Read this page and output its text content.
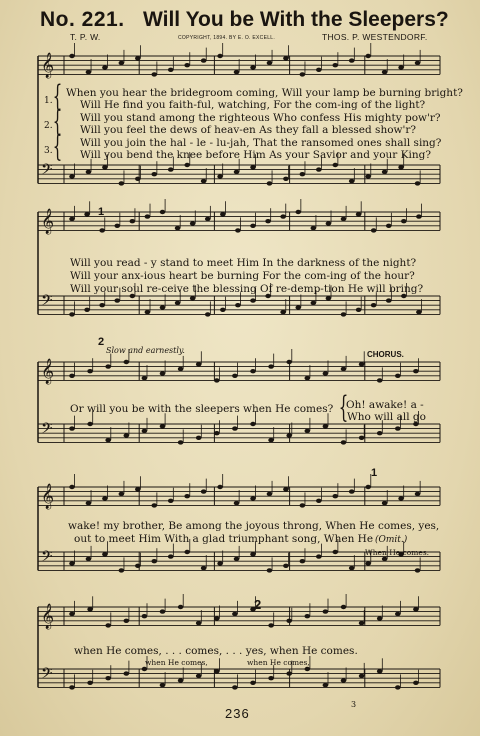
No. 221. Will You be With the Sleepers?
T. P. W.	COPYRIGHT, 1894. BY E. O. EXCELL.	THOS. P. WESTENDORF.
𝄞
𝄢
𝄞
𝄢
𝄞
𝄢
𝄞
𝄢
𝄞
𝄢
1.
2.
3.
{
{
{
When you hear the bridegroom coming, Will your lamp be burning bright?
Will He find you faith-ful, watching, For the com-ing of the light?
Will you stand among the righteous Who confess His mighty pow'r?
Will you feel the dews of heav-en As they fall a blessed show'r?
Will you join the hal - le - lu-jah, That the ransomed ones shall sing?
Will you bend the knee before Him As your Savior and your King?
1
Will you read - y stand to meet Him In the darkness of the night?
Will your anx-ious heart be burning For the com-ing of the hour?
Will your soul re-ceive the blessing Of re-demp-tion He will bring?
2
Slow and earnestly.	CHORUS.
Or will you be with the sleepers when He comes? {
Oh! awake! a -
Who will all go
1
wake! my brother, Be among the joyous throng, When He comes, yes,
out to meet Him With a glad triumphant song, When He (Omit.)
When He comes.
2
when He comes, . . . comes, . . . yes, when He comes.
when He comes,	when He comes,
3
236
